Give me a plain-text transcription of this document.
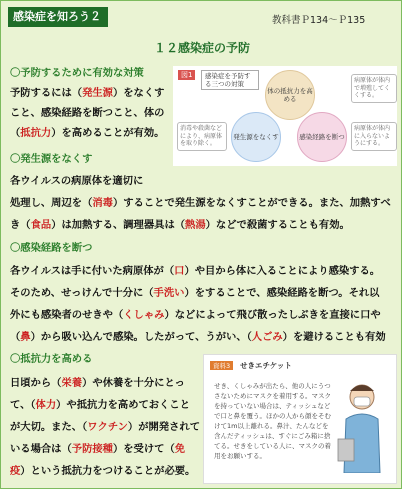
感染症を知ろう２	教科書Ｐ134～Ｐ135
１２感染症の予防
〇予防するために有効な対策
予防するには（発生源）をなくす
こと、感染経路を断つこと、体の
（抵抗力）を高めることが有効。
図1	感染症を予防する三つの対策
体の抵抗力を高める
発生源をなくす	感染経路を断つ
病原体が体内で増殖してくくする。
消毒や殺菌などにより、病原体を取り除く。
病原体が体内に入らないようにする。
〇発生源をなくす
各ウイルスの病原体を適切に
処理し、周辺を（消毒）することで発生源をなくすことができる。また、加熱すべ
き（食品）は加熱する、調理器具は（熱湯）などで殺菌することも有効。
〇感染経路を断つ
各ウイルスは手に付いた病原体が（口）や目から体に入ることにより感染する。
そのため、せっけんで十分に（手洗い）をすることで、感染経路を断つ。それ以
外にも感染者のせきや（くしゃみ）などによって飛び散ったしぶきを直接に口や
（鼻）から吸い込んで感染。したがって、うがい、（人ごみ）を避けることも有効
〇抵抗力を高める
日頃から（栄養）や休養を十分にとっ
て、（体力）や抵抗力を高めておくこと
が大切。また、（ワクチン）が開発されて
いる場合は（予防接種）を受けて（免
疫）という抵抗力をつけることが必要。
資料3	せきエチケット
せき、くしゃみが出たら、他の人にうつさないためにマスクを着用する。マスクを持っていない場合は、ティッシュなどで口と鼻を覆う。ほかの人から顔をそむけて1m以上離れる。鼻汁、たんなどを含んだティッシュは、すぐにごみ箱に捨てる。せきをしている人に、マスクの着用をお願いする。
